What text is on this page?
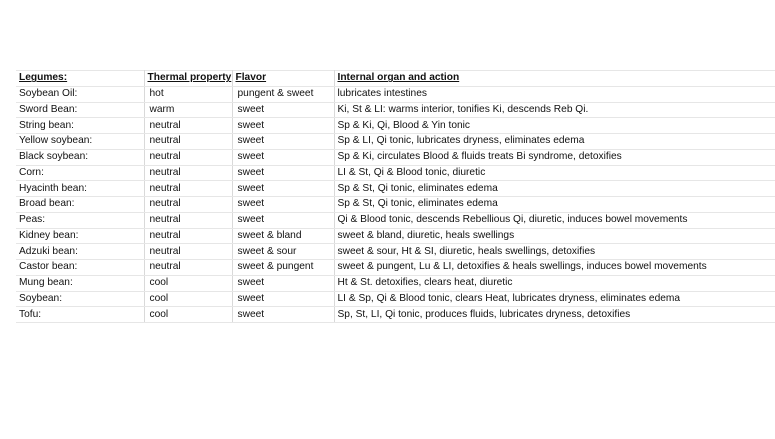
Legumes:	Thermal property	Flavor	Internal organ and action
Soybean Oil:	hot	pungent & sweet	lubricates intestines
Sword Bean:	warm	sweet	Ki, St & LI: warms interior, tonifies Ki, descends Reb Qi.
String bean:	neutral	sweet	Sp & Ki, Qi, Blood & Yin tonic
Yellow soybean:	neutral	sweet	Sp & LI, Qi tonic, lubricates dryness, eliminates edema
Black soybean:	neutral	sweet	Sp & Ki, circulates Blood & fluids treats Bi syndrome, detoxifies
Corn:	neutral	sweet	LI & St, Qi & Blood tonic, diuretic
Hyacinth bean:	neutral	sweet	Sp & St, Qi tonic, eliminates edema
Broad bean:	neutral	sweet	Sp & St, Qi tonic, eliminates edema
Peas:	neutral	sweet	Qi & Blood tonic, descends Rebellious Qi, diuretic, induces bowel movements
Kidney bean:	neutral	sweet & bland	sweet & bland, diuretic, heals swellings
Adzuki bean:	neutral	sweet & sour	sweet & sour, Ht & SI, diuretic, heals swellings, detoxifies
Castor bean:	neutral	sweet & pungent	sweet & pungent, Lu & LI, detoxifies & heals swellings, induces bowel movements
Mung bean:	cool	sweet	Ht & St. detoxifies, clears heat, diuretic
Soybean:	cool	sweet	LI & Sp, Qi & Blood tonic, clears Heat, lubricates dryness, eliminates edema
Tofu:	cool	sweet	Sp, St, LI, Qi tonic, produces fluids, lubricates dryness, detoxifies
